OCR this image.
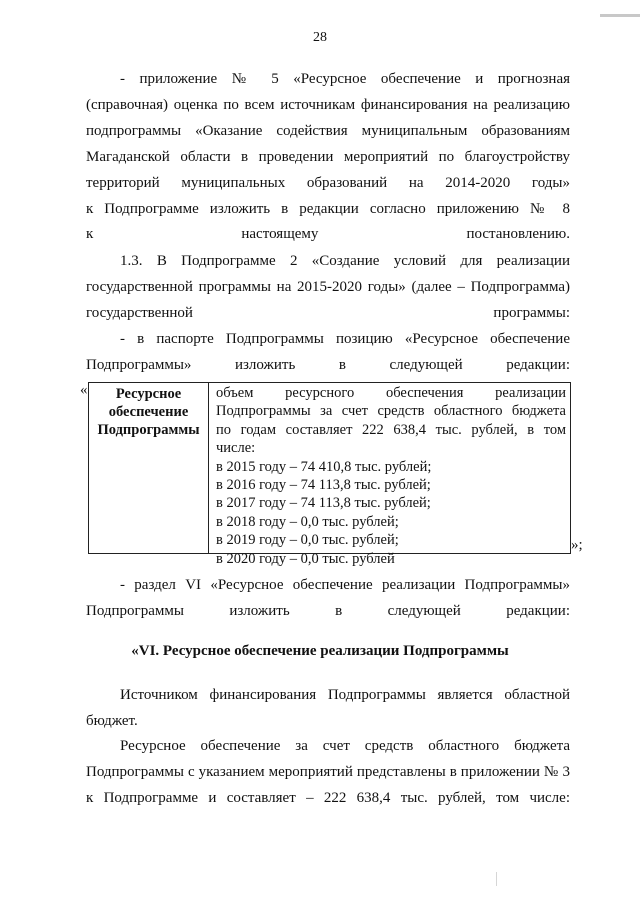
28
- приложение № 5 «Ресурсное обеспечение и прогнозная
(справочная) оценка по всем источникам финансирования на реализацию
подпрограммы «Оказание содействия муниципальным образованиям
Магаданской области в проведении мероприятий по благоустройству
территорий муниципальных образований на 2014-2020 годы»
к Подпрограмме изложить в редакции согласно приложению № 8
к настоящему постановлению.
1.3. В Подпрограмме 2 «Создание условий для реализации
государственной программы на 2015-2020 годы» (далее – Подпрограмма)
государственной программы:
- в паспорте Подпрограммы позицию «Ресурсное обеспечение
Подпрограммы» изложить в следующей редакции:
«	Ресурсное
обеспечение
Подпрограммы
объем ресурсного обеспечения реализации
Подпрограммы за счет средств областного бюджета
по годам составляет 222 638,4 тыс. рублей, в том
числе:
в 2015 году – 74 410,8 тыс. рублей;
в 2016 году – 74 113,8 тыс. рублей;
в 2017 году – 74 113,8 тыс. рублей;
в 2018 году – 0,0 тыс. рублей;
в 2019 году – 0,0 тыс. рублей;
в 2020 году – 0,0 тыс. рублей
»;
- раздел VI «Ресурсное обеспечение реализации Подпрограммы»
Подпрограммы изложить в следующей редакции:
«VI. Ресурсное обеспечение реализации Подпрограммы
Источником финансирования Подпрограммы является областной
бюджет.
Ресурсное обеспечение за счет средств областного бюджета
Подпрограммы с указанием мероприятий представлены в приложении № 3
к Подпрограмме и составляет – 222 638,4 тыс. рублей, том числе:
